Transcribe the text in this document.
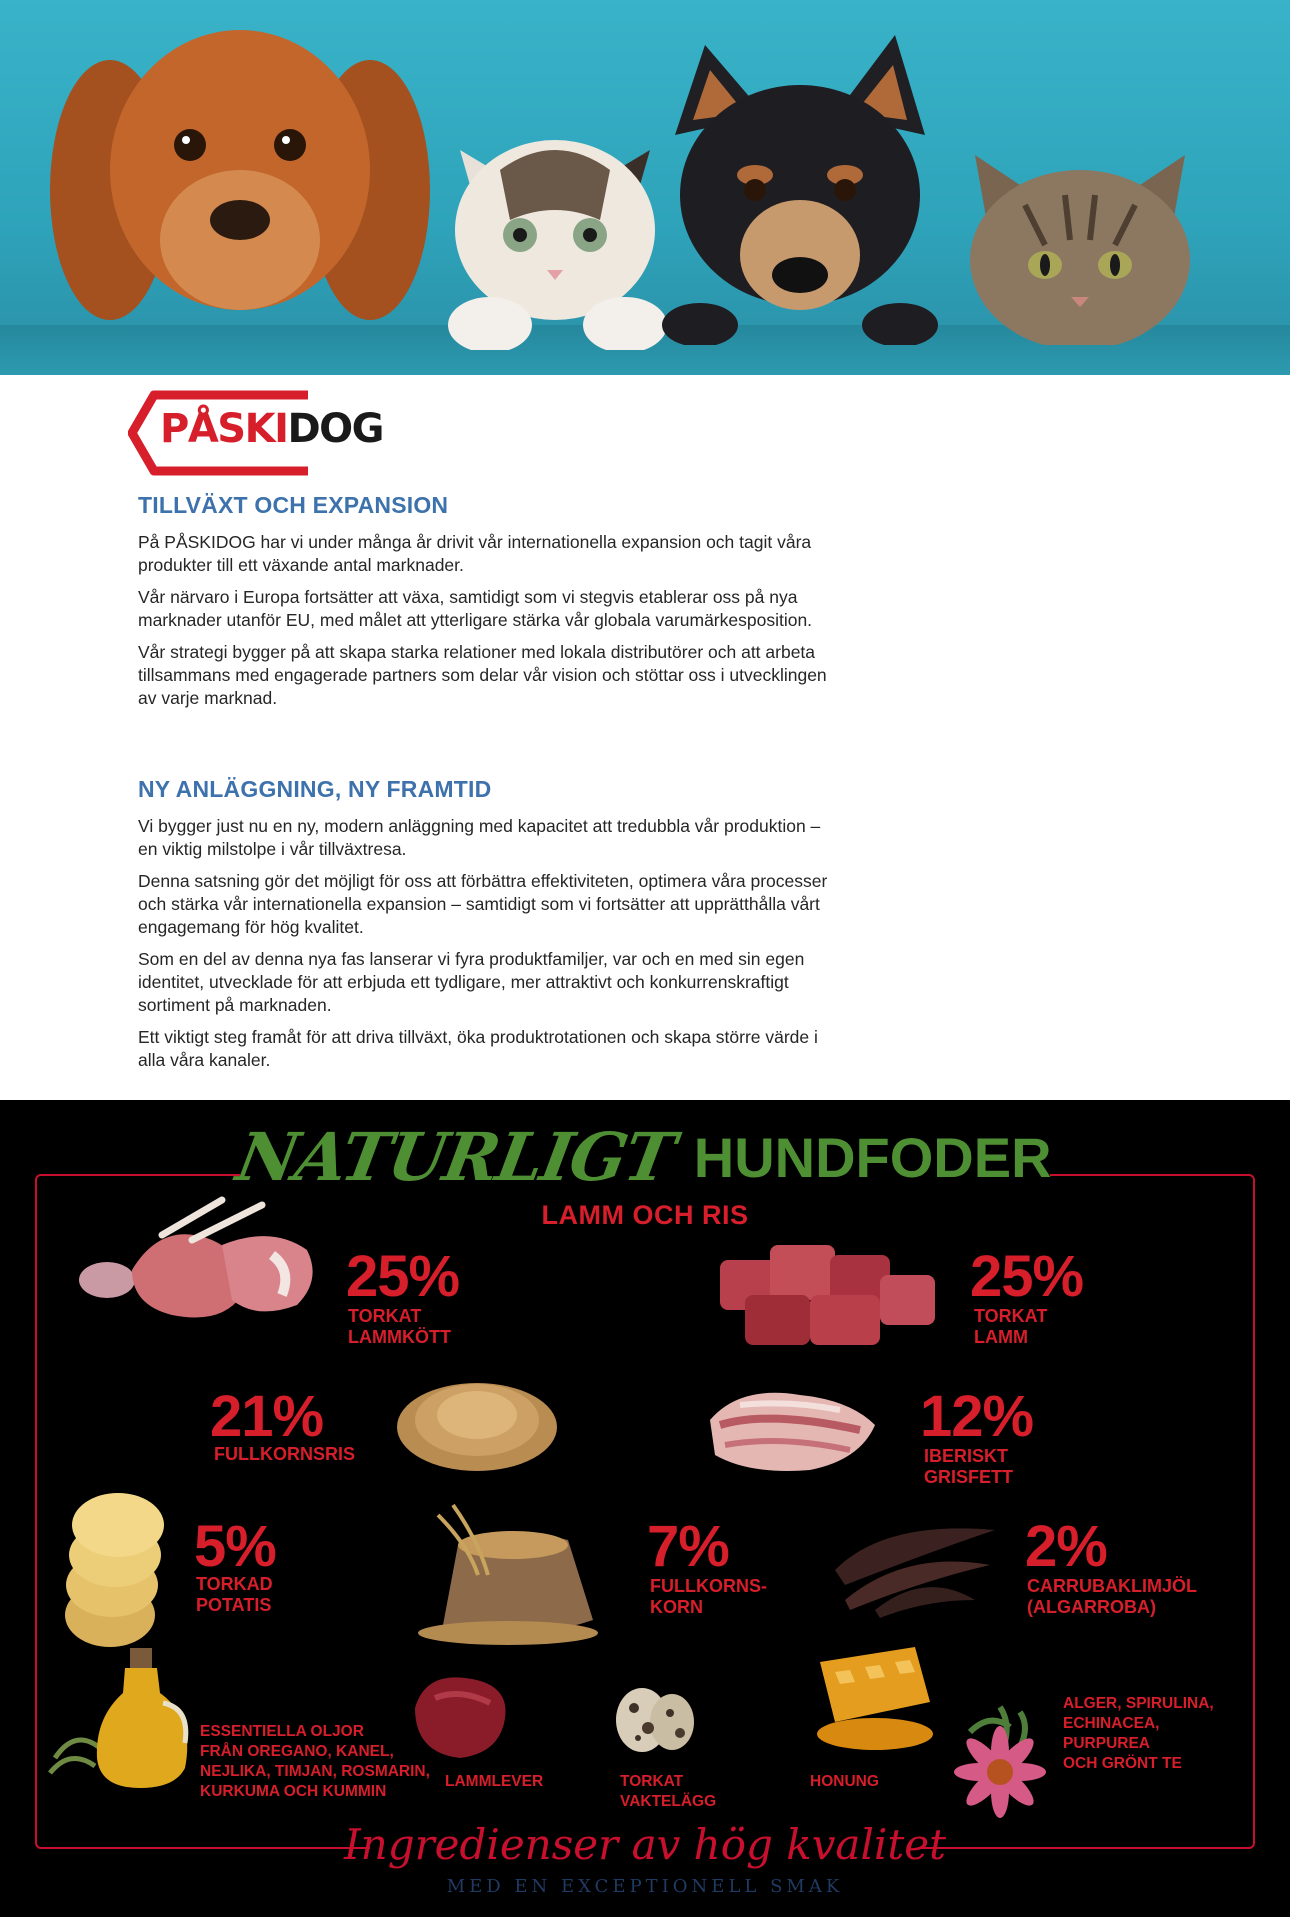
PÅSKIDOG
TILLVÄXT OCH EXPANSION

På PÅSKIDOG har vi under många år drivit vår internationella expansion och tagit våra produkter till ett växande antal marknader.

Vår närvaro i Europa fortsätter att växa, samtidigt som vi stegvis etablerar oss på nya marknader utanför EU, med målet att ytterligare stärka vår globala varumärkesposition.

Vår strategi bygger på att skapa starka relationer med lokala distributörer och att arbeta tillsammans med engagerade partners som delar vår vision och stöttar oss i utvecklingen av varje marknad.

NY ANLÄGGNING, NY FRAMTID

Vi bygger just nu en ny, modern anläggning med kapacitet att tredubbla vår produktion – en viktig milstolpe i vår tillväxtresa.

Denna satsning gör det möjligt för oss att förbättra effektiviteten, optimera våra processer och stärka vår internationella expansion – samtidigt som vi fortsätter att upprätthålla vårt engagemang för hög kvalitet.

Som en del av denna nya fas lanserar vi fyra produktfamiljer, var och en med sin egen identitet, utvecklade för att erbjuda ett tydligare, mer attraktivt och konkurrenskraftigt sortiment på marknaden.

Ett viktigt steg framåt för att driva tillväxt, öka produktrotationen och skapa större värde i alla våra kanaler.

NATURLIGT HUNDFODER
LAMM OCH RIS
25%
TORKAT
LAMMKÖTT
25%
TORKAT
LAMM
21%
FULLKORNSRIS
12%
IBERISKT
GRISFETT
5%
TORKAD
POTATIS
7%
FULLKORNS-
KORN
2%
CARRUBAKLIMJÖL
(ALGARROBA)
ESSENTIELLA OLJOR
FRÅN OREGANO, KANEL,
NEJLIKA, TIMJAN, ROSMARIN,
KURKUMA OCH KUMMIN
LAMMLEVER	TORKAT
VAKTELÄGG
HONUNG
ALGER, SPIRULINA,
ECHINACEA,
PURPUREA
OCH GRÖNT TE
Ingredienser av hög kvalitet
MED EN EXCEPTIONELL SMAK
